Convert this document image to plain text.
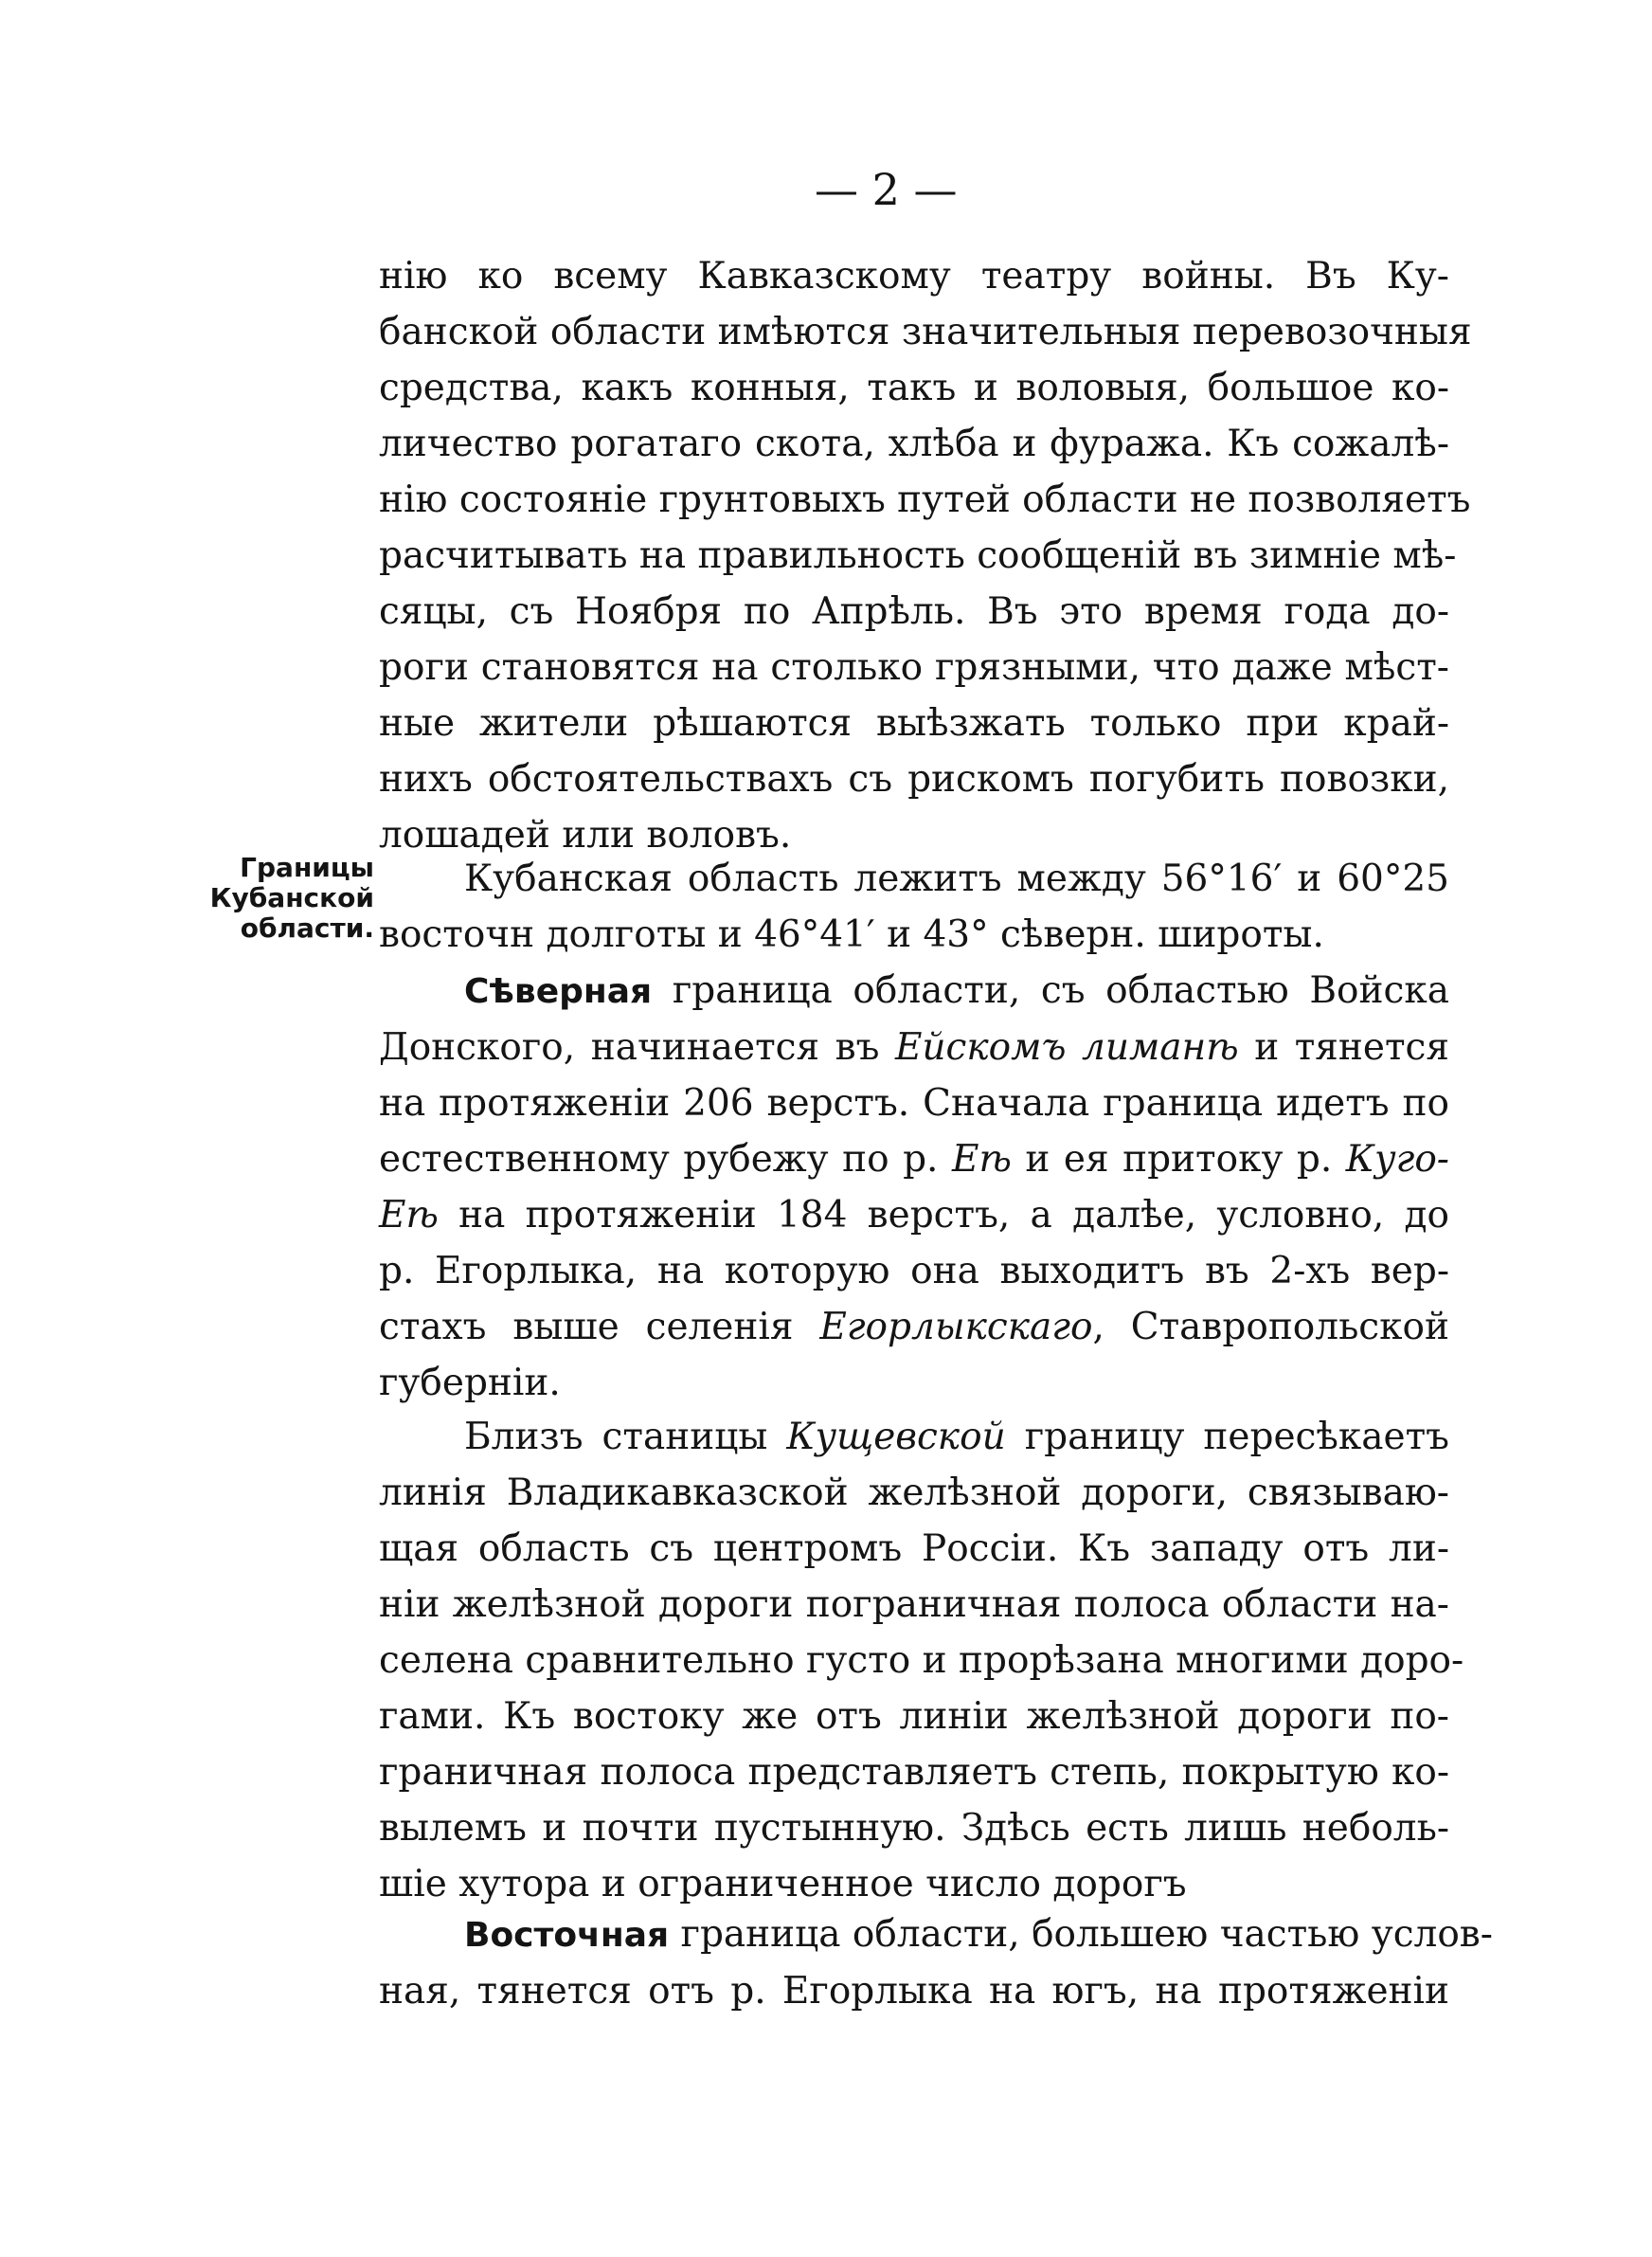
— 2 —
Границы
Кубанской
области.
нію ко всему Кавказскому театру войны. Въ Ку-
банской области имѣются значительныя перевозочныя
средства, какъ конныя, такъ и воловыя, большое ко-
личество рогатаго скота, хлѣба и фуража. Къ сожалѣ-
нію состояніе грунтовыхъ путей области не позволяетъ
расчитывать на правильность сообщеній въ зимніе мѣ-
сяцы, съ Ноября по Апрѣль. Въ это время года до-
роги становятся на столько грязными, что даже мѣст-
ные жители рѣшаются выѣзжать только при край-
нихъ обстоятельствахъ съ рискомъ погубить повозки,
лошадей или воловъ.
Кубанская область лежитъ между 56°16′ и 60°25
восточн долготы и 46°41′ и 43° сѣверн. широты.
Сѣверная граница области, съ областью Войска
Донского, начинается въ Ейскомъ лиманѣ и тянется
на протяженіи 206 верстъ. Сначала граница идетъ по
естественному рубежу по р. Еѣ и ея притоку р. Куго-
Еѣ на протяженіи 184 верстъ, а далѣе, условно, до
р. Егорлыка, на которую она выходитъ въ 2-хъ вер-
стахъ выше селенія Егорлыкскаго, Ставропольской
губерніи.
Близъ станицы Кущевской границу пересѣкаетъ
линія Владикавказской желѣзной дороги, связываю-
щая область съ центромъ Россіи. Къ западу отъ ли-
ніи желѣзной дороги пограничная полоса области на-
селена сравнительно густо и прорѣзана многими доро-
гами. Къ востоку же отъ линіи желѣзной дороги по-
граничная полоса представляетъ степь, покрытую ко-
вылемъ и почти пустынную. Здѣсь есть лишь неболь-
шіе хутора и ограниченное число дорогъ
Восточная граница области, большею частью услов-
ная, тянется отъ р. Егорлыка на югъ, на протяженіи
